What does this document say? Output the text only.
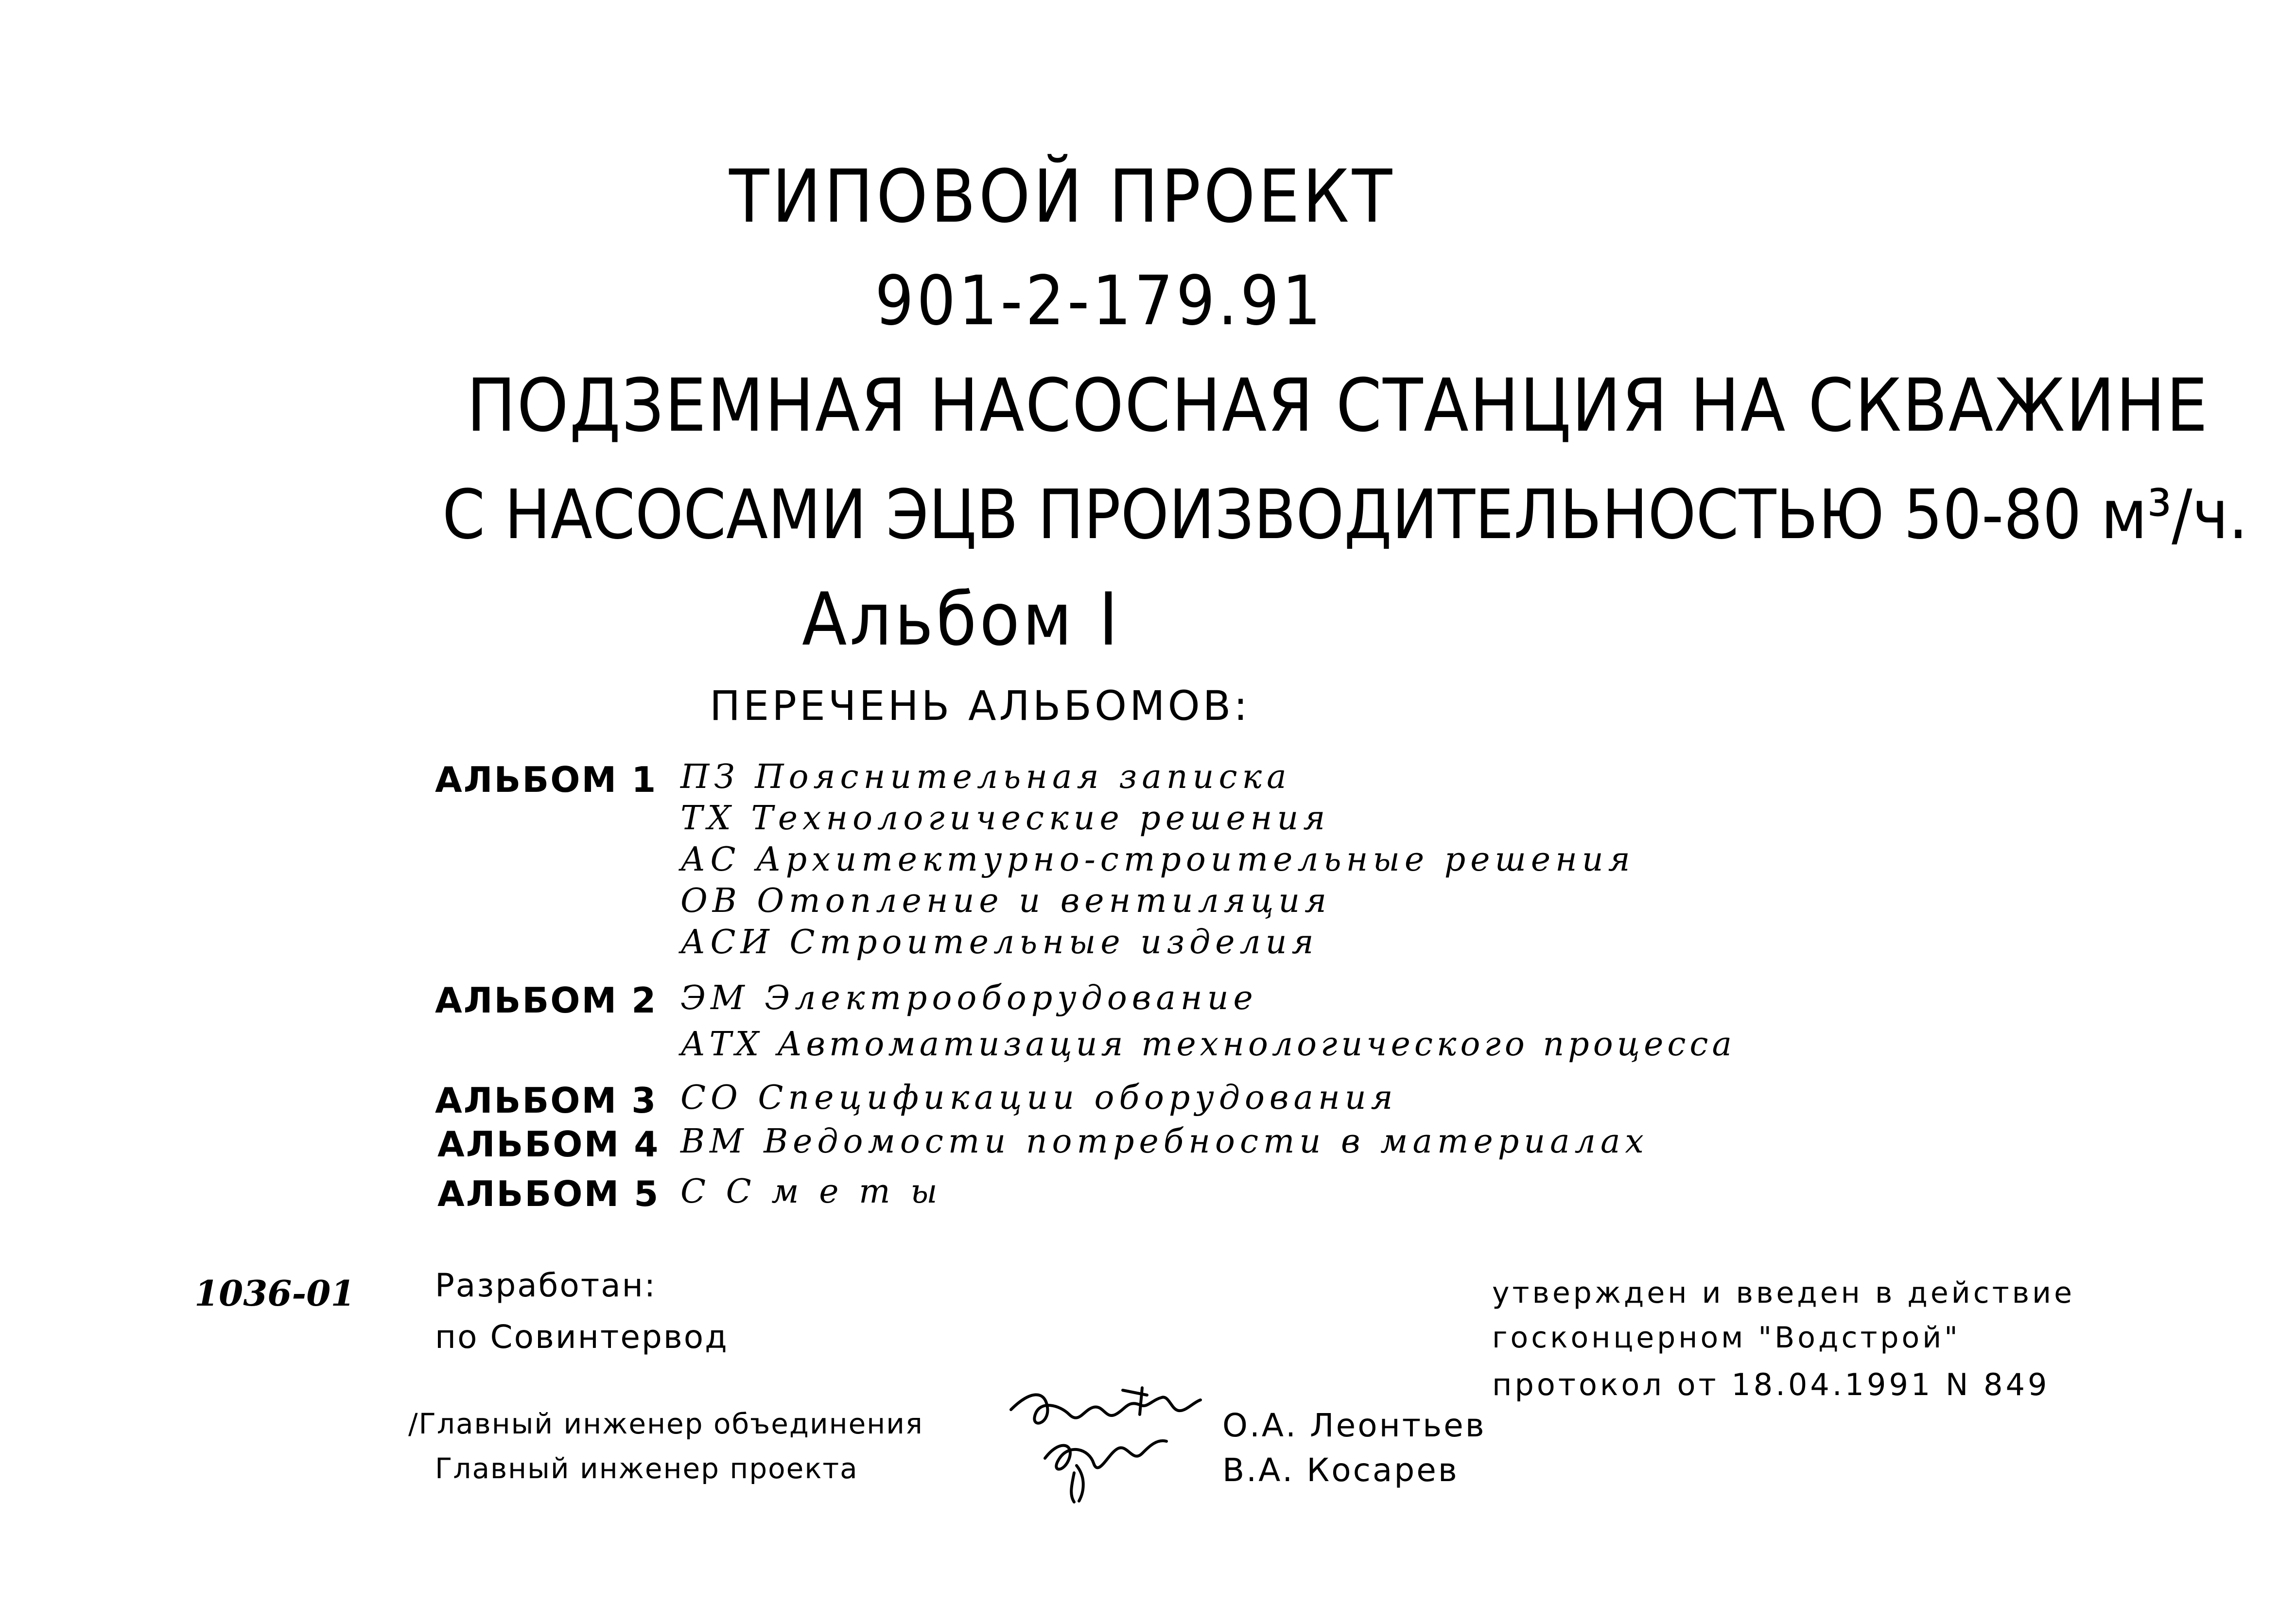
ТИПОВОЙ ПРОЕКТ
901-2-179.91
ПОДЗЕМНАЯ НАСОСНАЯ СТАНЦИЯ НА СКВАЖИНЕ
С НАСОСАМИ ЭЦВ ПРОИЗВОДИТЕЛЬНОСТЬЮ 50-80 м³/ч.
Альбом I
ПЕРЕЧЕНЬ АЛЬБОМОВ:
АЛЬБОМ 1 ПЗ Пояснительная записка
ТХ Технологические решения
АС Архитектурно-строительные решения
ОВ Отопление и вентиляция
АСИ Строительные изделия
АЛЬБОМ 2 ЭМ Электрооборудование
АТХ Автоматизация технологического процесса
АЛЬБОМ 3 СО Спецификации оборудования
АЛЬБОМ 4 ВМ Ведомости потребности в материалах
АЛЬБОМ 5 С С м е т ы
1036-01 Разработан:
по Совинтервод
утвержден и введен в действие
госконцерном "Водстрой"
протокол от 18.04.1991 N 849
/Главный инженер объединения
Главный инженер проекта
О.А. Леонтьев
В.А. Косарев
